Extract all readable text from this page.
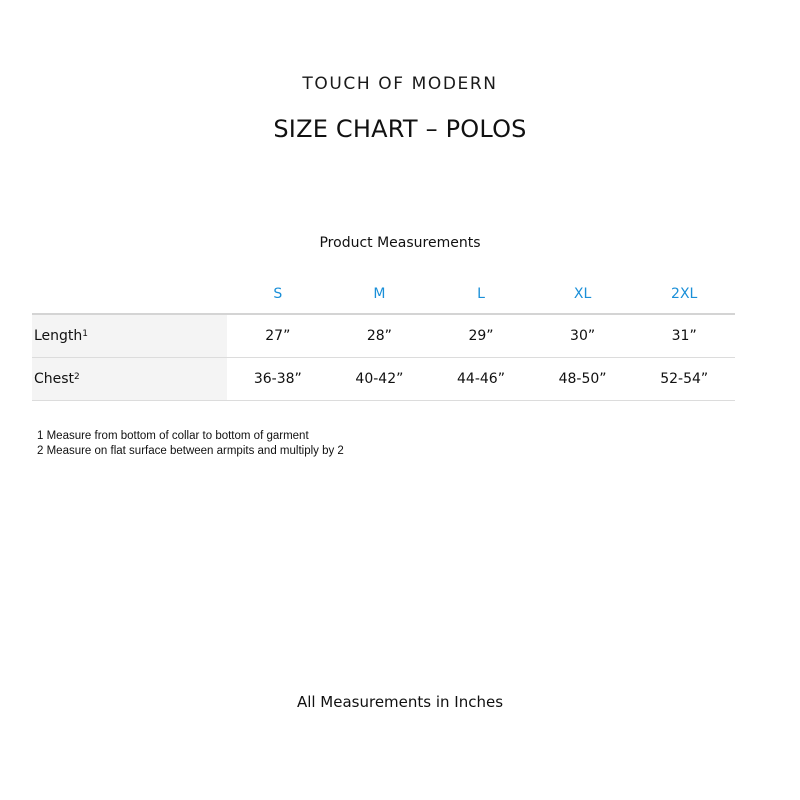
TOUCH OF MODERN
SIZE CHART – POLOS
Product Measurements
	S	M	L	XL	2XL
Length$^1$	27”	28”	29”	30”	31”
Chest$^2$	36-38”	40-42”	44-46”	48-50”	52-54”
1 Measure from bottom of collar to bottom of garment
2 Measure on flat surface between armpits and multiply by 2
All Measurements in Inches
